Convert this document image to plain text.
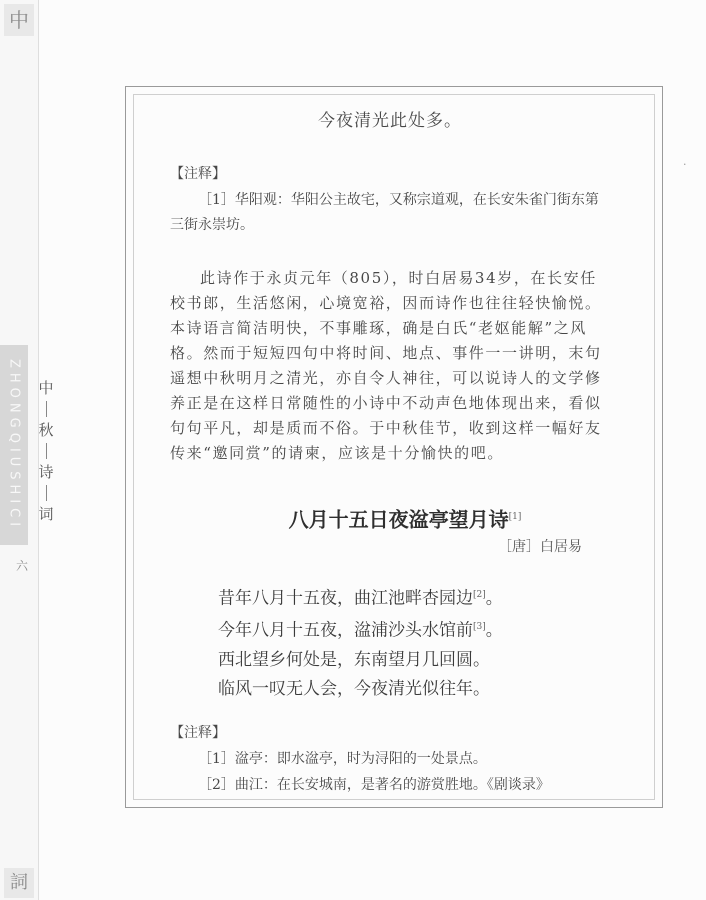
中
詞
ZHONGQIUSHICI	中
秋
诗
词
六
·
今夜清光此处多。
【注释】
［1］华阳观：华阳公主故宅，又称宗道观，在长安朱雀门街东第三街永崇坊。
此诗作于永贞元年（805），时白居易34岁，在长安任校书郎，生活悠闲，心境宽裕，因而诗作也往往轻快愉悦。本诗语言简洁明快，不事雕琢，确是白氏“老妪能解”之风格。然而于短短四句中将时间、地点、事件一一讲明，末句遥想中秋明月之清光，亦自令人神往，可以说诗人的文学修养正是在这样日常随性的小诗中不动声色地体现出来，看似句句平凡，却是质而不俗。于中秋佳节，收到这样一幅好友传来“邀同赏”的请柬，应该是十分愉快的吧。
八月十五日夜湓亭望月诗[1]
［唐］白居易
昔年八月十五夜，曲江池畔杏园边[2]。
今年八月十五夜，湓浦沙头水馆前[3]。
西北望乡何处是，东南望月几回圆。
临风一叹无人会，今夜清光似往年。
【注释】
［1］湓亭：即水湓亭，时为浔阳的一处景点。
［2］曲江：在长安城南，是著名的游赏胜地。《剧谈录》
